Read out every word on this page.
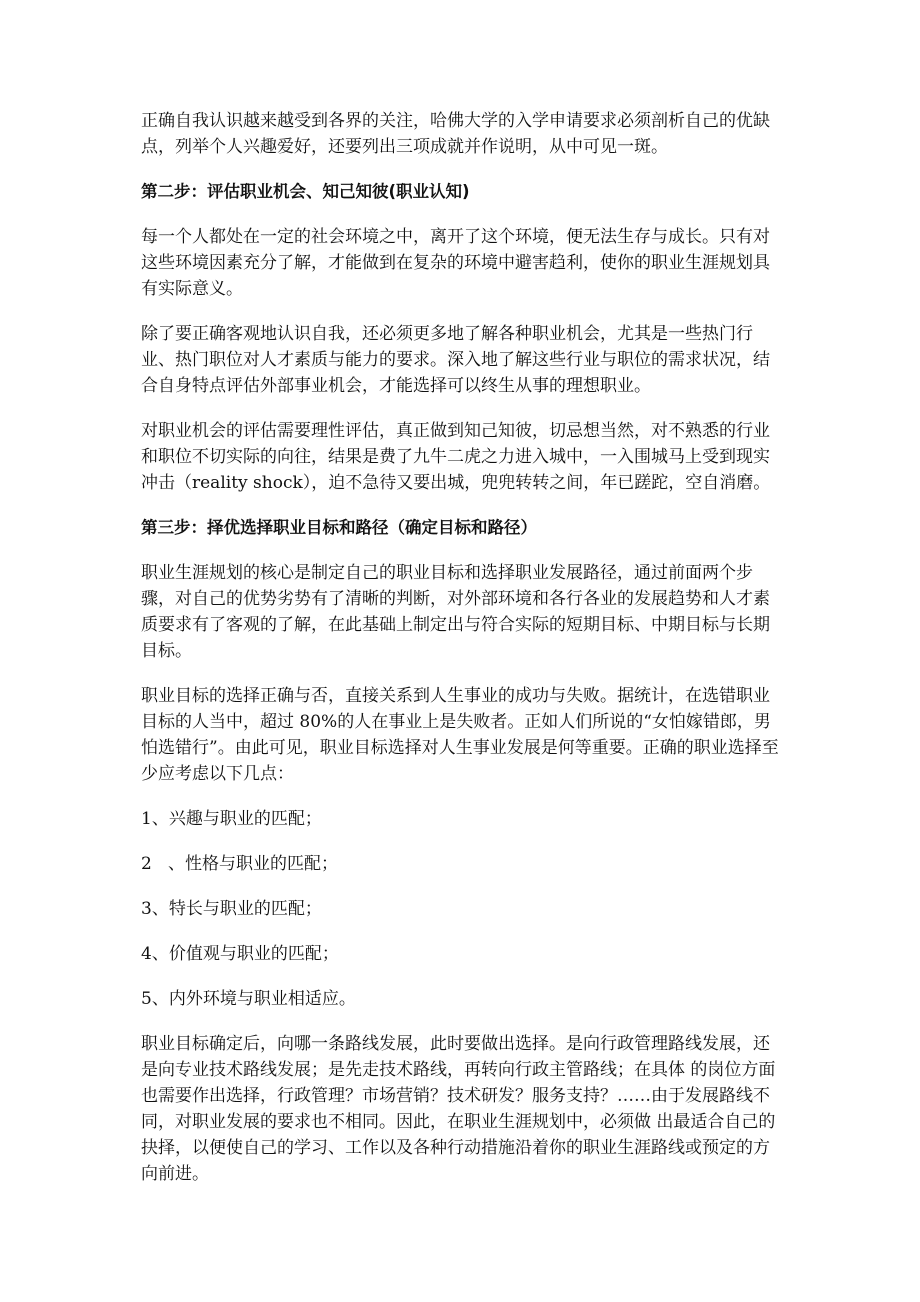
正确自我认识越来越受到各界的关注，哈佛大学的入学申请要求必须剖析自己的优缺点，列举个人兴趣爱好，还要列出三项成就并作说明，从中可见一斑。

第二步：评估职业机会、知己知彼(职业认知)

每一个人都处在一定的社会环境之中，离开了这个环境，便无法生存与成长。只有对这些环境因素充分了解，才能做到在复杂的环境中避害趋利，使你的职业生涯规划具有实际意义。

除了要正确客观地认识自我，还必须更多地了解各种职业机会，尤其是一些热门行业、热门职位对人才素质与能力的要求。深入地了解这些行业与职位的需求状况，结合自身特点评估外部事业机会，才能选择可以终生从事的理想职业。

对职业机会的评估需要理性评估，真正做到知己知彼，切忌想当然，对不熟悉的行业和职位不切实际的向往，结果是费了九牛二虎之力进入城中，一入围城马上受到现实冲击（reality shock），迫不急待又要出城，兜兜转转之间，年已蹉跎，空自消磨。

第三步：择优选择职业目标和路径（确定目标和路径）

职业生涯规划的核心是制定自己的职业目标和选择职业发展路径，通过前面两个步骤，对自己的优势劣势有了清晰的判断，对外部环境和各行各业的发展趋势和人才素质要求有了客观的了解，在此基础上制定出与符合实际的短期目标、中期目标与长期目标。

职业目标的选择正确与否，直接关系到人生事业的成功与失败。据统计，在选错职业目标的人当中，超过 80%的人在事业上是失败者。正如人们所说的“女怕嫁错郎，男怕选错行”。由此可见，职业目标选择对人生事业发展是何等重要。正确的职业选择至少应考虑以下几点：

1、兴趣与职业的匹配；

2   、性格与职业的匹配；

3、特长与职业的匹配；

4、价值观与职业的匹配；

5、内外环境与职业相适应。

职业目标确定后，向哪一条路线发展，此时要做出选择。是向行政管理路线发展，还是向专业技术路线发展；是先走技术路线，再转向行政主管路线；在具体 的岗位方面也需要作出选择，行政管理？市场营销？技术研发？服务支持？……由于发展路线不同，对职业发展的要求也不相同。因此，在职业生涯规划中，必须做 出最适合自己的抉择，以便使自己的学习、工作以及各种行动措施沿着你的职业生涯路线或预定的方向前进。
